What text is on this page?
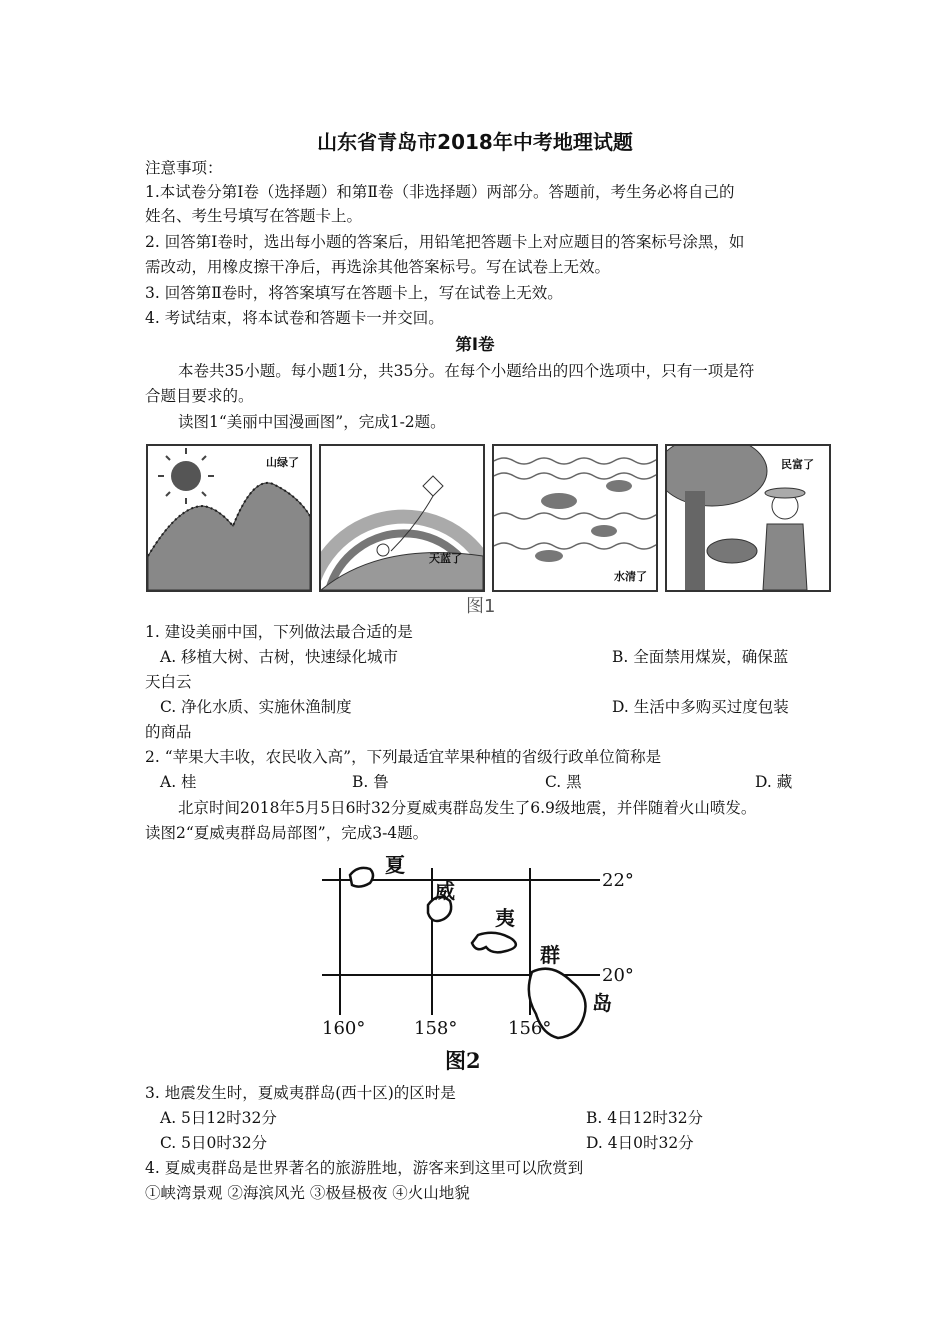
山东省青岛市2018年中考地理试题
注意事项：
1.本试卷分第Ⅰ卷（选择题）和第Ⅱ卷（非选择题）两部分。答题前，考生务必将自己的
姓名、考生号填写在答题卡上。
2. 回答第Ⅰ卷时，选出每小题的答案后，用铅笔把答题卡上对应题目的答案标号涂黑，如
需改动，用橡皮擦干净后，再选涂其他答案标号。写在试卷上无效。
3. 回答第Ⅱ卷时，将答案填写在答题卡上，写在试卷上无效。
4. 考试结束，将本试卷和答题卡一并交回。
第Ⅰ卷
本卷共35小题。每小题1分，共35分。在每个小题给出的四个选项中，只有一项是符
合题目要求的。
读图1“美丽中国漫画图”，完成1-2题。
山绿了
天蓝了
水清了
民富了
图1
1. 建设美丽中国，下列做法最合适的是
A. 移植大树、古树，快速绿化城市	B. 全面禁用煤炭，确保蓝
天白云
C. 净化水质、实施休渔制度	D. 生活中多购买过度包装
的商品
2. “苹果大丰收，农民收入高”，下列最适宜苹果种植的省级行政单位简称是
A. 桂	B. 鲁	C. 黑	D. 藏
北京时间2018年5月5日6时32分夏威夷群岛发生了6.9级地震，并伴随着火山喷发。
读图2“夏威夷群岛局部图”，完成3-4题。
夏
威
夷
群
岛
22°
20°
160°	158°	156°
图2
3. 地震发生时，夏威夷群岛(西十区)的区时是
A. 5日12时32分	B. 4日12时32分
C. 5日0时32分	D. 4日0时32分
4. 夏威夷群岛是世界著名的旅游胜地，游客来到这里可以欣赏到
①峡湾景观 ②海滨风光 ③极昼极夜 ④火山地貌
